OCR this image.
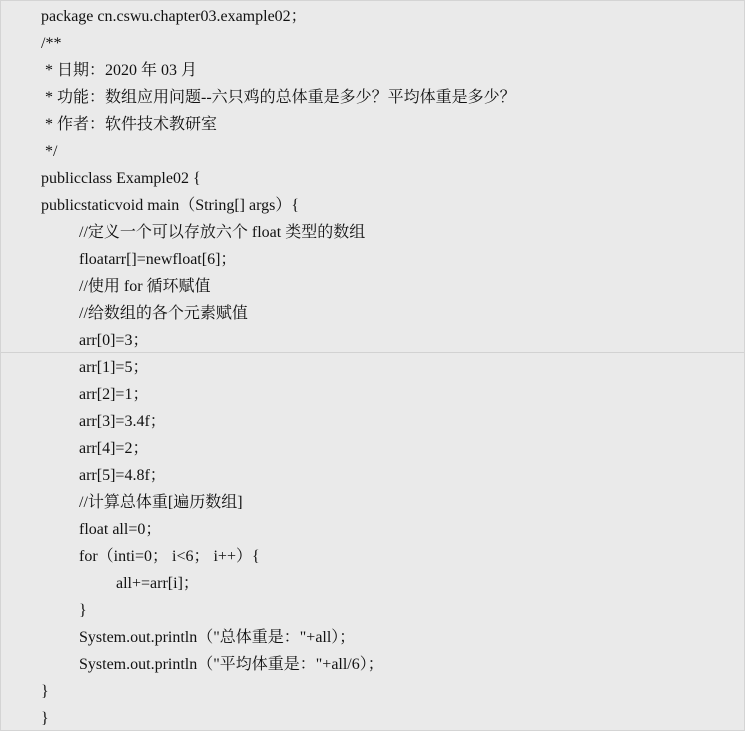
package cn.cswu.chapter03.example02；
/**
* 日期：2020 年 03 月
* 功能：数组应用问题--六只鸡的总体重是多少？平均体重是多少？
* 作者：软件技术教研室
*/
publicclass Example02 {
publicstaticvoid main（String[] args）{
//定义一个可以存放六个 float 类型的数组
floatarr[]=newfloat[6]；
//使用 for 循环赋值
//给数组的各个元素赋值
arr[0]=3；
arr[1]=5；
arr[2]=1；
arr[3]=3.4f；
arr[4]=2；
arr[5]=4.8f；
//计算总体重[遍历数组]
float all=0；
for（inti=0； i<6； i++）{
all+=arr[i]；
}
System.out.println（"总体重是："+all）；
System.out.println（"平均体重是："+all/6）；
}
}
